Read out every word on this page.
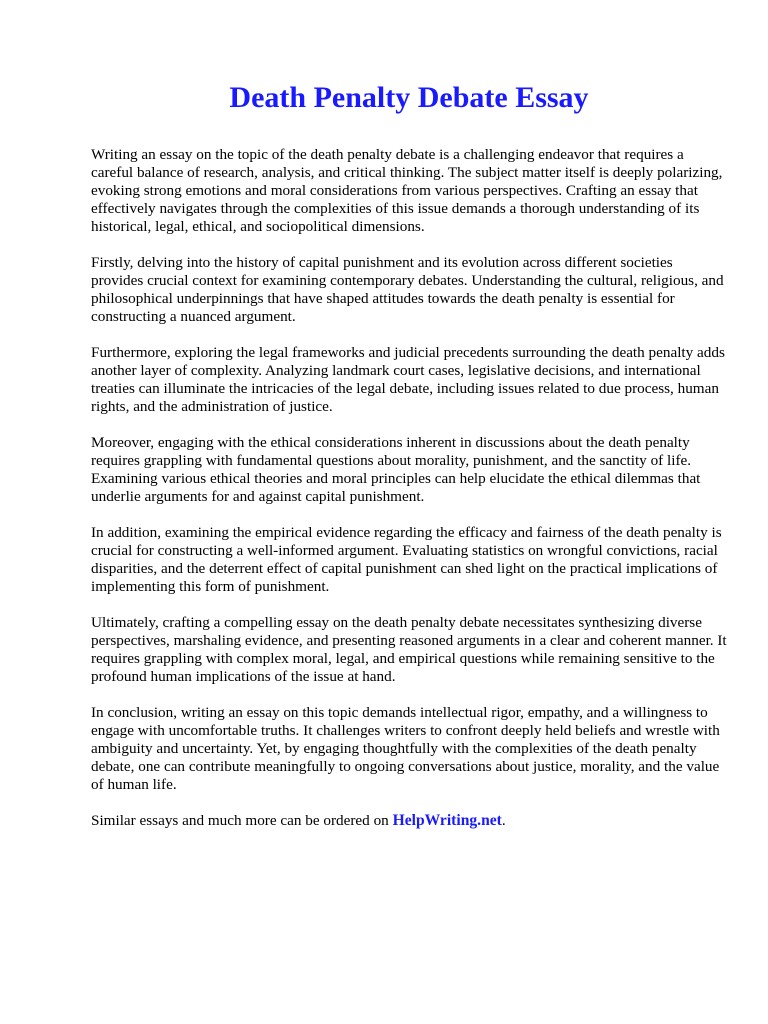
Death Penalty Debate Essay

Writing an essay on the topic of the death penalty debate is a challenging endeavor that requires a careful balance of research, analysis, and critical thinking. The subject matter itself is deeply polarizing, evoking strong emotions and moral considerations from various perspectives. Crafting an essay that effectively navigates through the complexities of this issue demands a thorough understanding of its historical, legal, ethical, and sociopolitical dimensions.

Firstly, delving into the history of capital punishment and its evolution across different societies provides crucial context for examining contemporary debates. Understanding the cultural, religious, and philosophical underpinnings that have shaped attitudes towards the death penalty is essential for constructing a nuanced argument.

Furthermore, exploring the legal frameworks and judicial precedents surrounding the death penalty adds another layer of complexity. Analyzing landmark court cases, legislative decisions, and international treaties can illuminate the intricacies of the legal debate, including issues related to due process, human rights, and the administration of justice.

Moreover, engaging with the ethical considerations inherent in discussions about the death penalty requires grappling with fundamental questions about morality, punishment, and the sanctity of life. Examining various ethical theories and moral principles can help elucidate the ethical dilemmas that underlie arguments for and against capital punishment.

In addition, examining the empirical evidence regarding the efficacy and fairness of the death penalty is crucial for constructing a well-informed argument. Evaluating statistics on wrongful convictions, racial disparities, and the deterrent effect of capital punishment can shed light on the practical implications of implementing this form of punishment.

Ultimately, crafting a compelling essay on the death penalty debate necessitates synthesizing diverse perspectives, marshaling evidence, and presenting reasoned arguments in a clear and coherent manner. It requires grappling with complex moral, legal, and empirical questions while remaining sensitive to the profound human implications of the issue at hand.

In conclusion, writing an essay on this topic demands intellectual rigor, empathy, and a willingness to engage with uncomfortable truths. It challenges writers to confront deeply held beliefs and wrestle with ambiguity and uncertainty. Yet, by engaging thoughtfully with the complexities of the death penalty debate, one can contribute meaningfully to ongoing conversations about justice, morality, and the value of human life.

Similar essays and much more can be ordered on HelpWriting.net.
